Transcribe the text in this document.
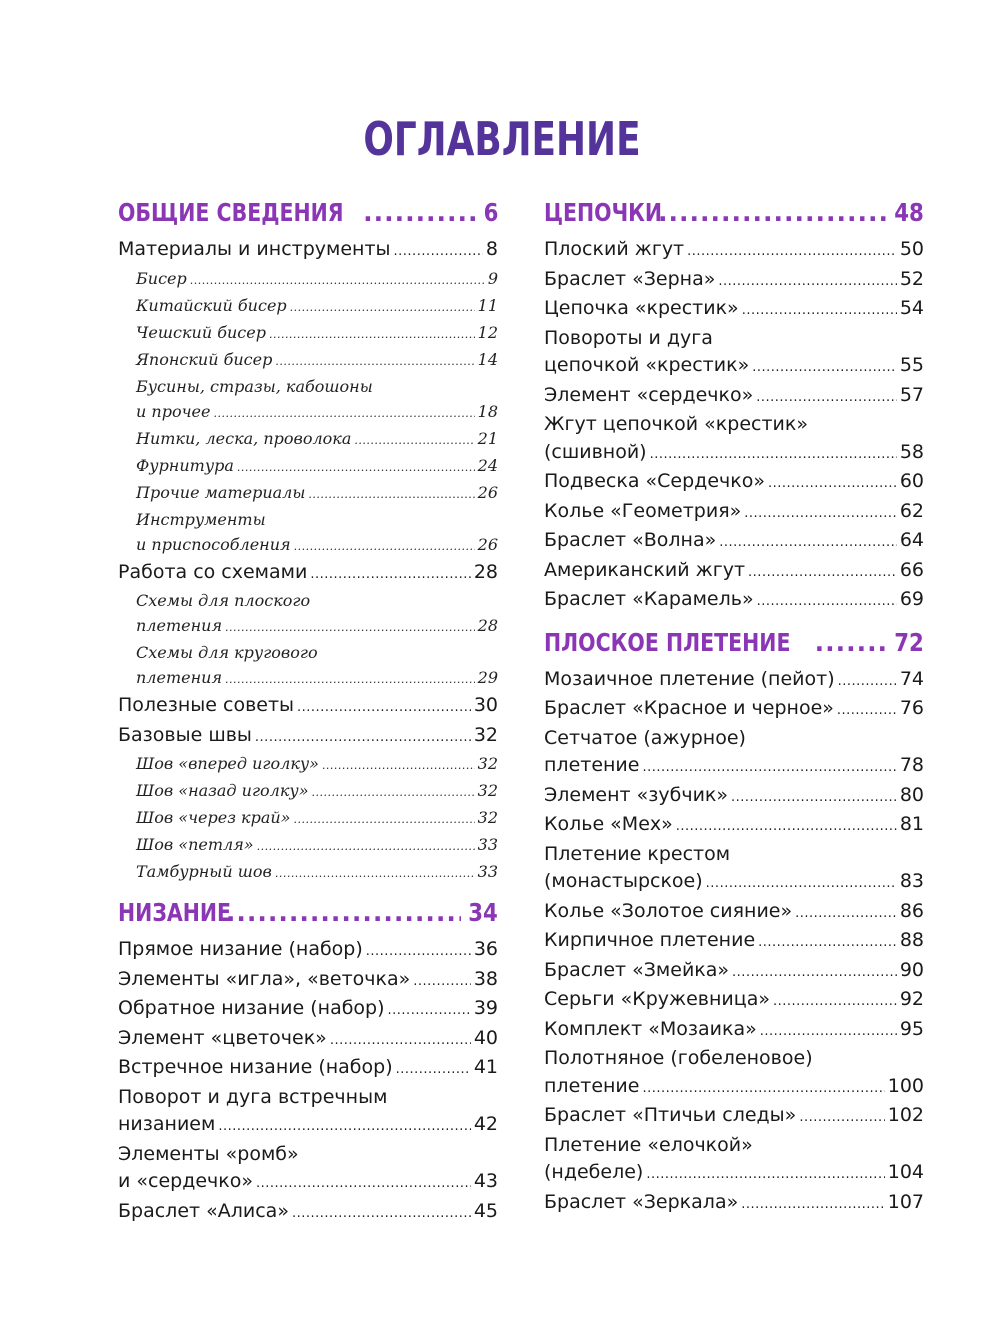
ОГЛАВЛЕНИЕ
ОБЩИЕ СВЕДЕНИЯ .....	6
Материалы и инструменты .....	8
Бисер .....	9
Китайский бисер .....	11
Чешский бисер .....	12
Японский бисер .....	14
Бусины, стразы, кабошоны
и прочее .....	18
Нитки, леска, проволока .....	21
Фурнитура .....	24
Прочие материалы .....	26
Инструменты
и приспособления .....	26
Работа со схемами .....	28
Схемы для плоского
плетения .....	28
Схемы для кругового
плетения .....	29
Полезные советы .....	30
Базовые швы .....	32
Шов «вперед иголку» .....	32
Шов «назад иголку» .....	32
Шов «через край» .....	32
Шов «петля» .....	33
Тамбурный шов .....	33
НИЗАНИЕ .....	34
Прямое низание (набор) .....	36
Элементы «игла», «веточка» .....	38
Обратное низание (набор) .....	39
Элемент «цветочек» .....	40
Встречное низание (набор) .....	41
Поворот и дуга встречным
низанием .....	42
Элементы «ромб»
и «сердечко» .....	43
Браслет «Алиса» .....	45
ЦЕПОЧКИ .....	48
Плоский жгут .....	50
Браслет «Зерна» .....	52
Цепочка «крестик» .....	54
Повороты и дуга
цепочкой «крестик» .....	55
Элемент «сердечко» .....	57
Жгут цепочкой «крестик»
(сшивной) .....	58
Подвеска «Сердечко» .....	60
Колье «Геометрия» .....	62
Браслет «Волна» .....	64
Американский жгут .....	66
Браслет «Карамель» .....	69
ПЛОСКОЕ ПЛЕТЕНИЕ .....	72
Мозаичное плетение (пейот) .....	74
Браслет «Красное и черное» .....	76
Сетчатое (ажурное)
плетение .....	78
Элемент «зубчик» .....	80
Колье «Мех» .....	81
Плетение крестом
(монастырское) .....	83
Колье «Золотое сияние» .....	86
Кирпичное плетение .....	88
Браслет «Змейка» .....	90
Серьги «Кружевница» .....	92
Комплект «Мозаика» .....	95
Полотняное (гобеленовое)
плетение .....	100
Браслет «Птичьи следы» .....	102
Плетение «елочкой»
(ндебеле) .....	104
Браслет «Зеркала» .....	107
